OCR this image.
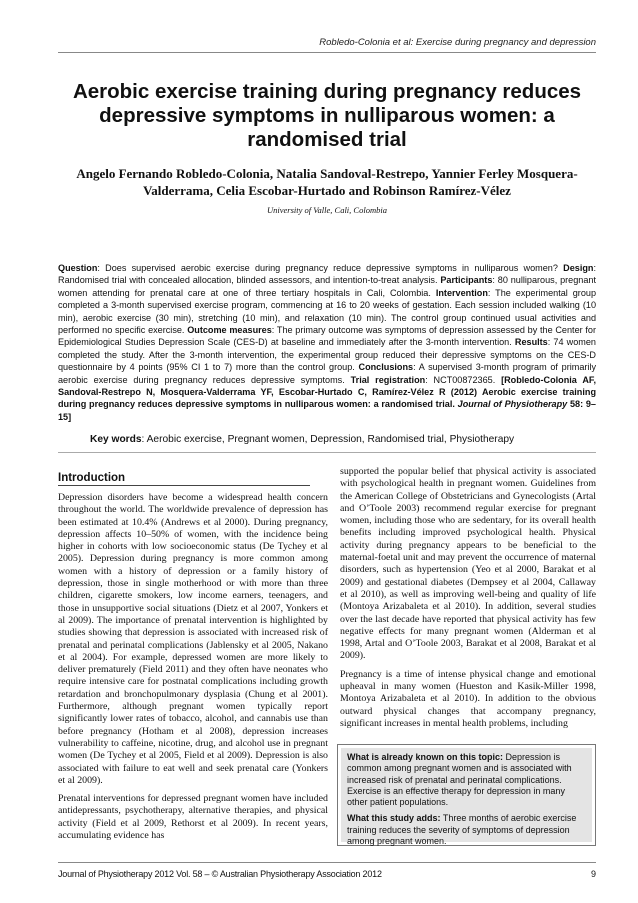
Robledo-Colonia et al: Exercise during pregnancy and depression
Aerobic exercise training during pregnancy reduces depressive symptoms in nulliparous women: a randomised trial
Angelo Fernando Robledo-Colonia, Natalia Sandoval-Restrepo, Yannier Ferley Mosquera-Valderrama, Celia Escobar-Hurtado and Robinson Ramírez-Vélez
University of Valle, Cali, Colombia
Question: Does supervised aerobic exercise during pregnancy reduce depressive symptoms in nulliparous women? Design: Randomised trial with concealed allocation, blinded assessors, and intention-to-treat analysis. Participants: 80 nulliparous, pregnant women attending for prenatal care at one of three tertiary hospitals in Cali, Colombia. Intervention: The experimental group completed a 3-month supervised exercise program, commencing at 16 to 20 weeks of gestation. Each session included walking (10 min), aerobic exercise (30 min), stretching (10 min), and relaxation (10 min). The control group continued usual activities and performed no specific exercise. Outcome measures: The primary outcome was symptoms of depression assessed by the Center for Epidemiological Studies Depression Scale (CES-D) at baseline and immediately after the 3-month intervention. Results: 74 women completed the study. After the 3-month intervention, the experimental group reduced their depressive symptoms on the CES-D questionnaire by 4 points (95% CI 1 to 7) more than the control group. Conclusions: A supervised 3-month program of primarily aerobic exercise during pregnancy reduces depressive symptoms. Trial registration: NCT00872365. [Robledo-Colonia AF, Sandoval-Restrepo N, Mosquera-Valderrama YF, Escobar-Hurtado C, Ramírez-Vélez R (2012) Aerobic exercise training during pregnancy reduces depressive symptoms in nulliparous women: a randomised trial. Journal of Physiotherapy 58: 9–15]
Key words: Aerobic exercise, Pregnant women, Depression, Randomised trial, Physiotherapy
Introduction

Depression disorders have become a widespread health concern throughout the world. The worldwide prevalence of depression has been estimated at 10.4% (Andrews et al 2000). During pregnancy, depression affects 10–50% of women, with the incidence being higher in cohorts with low socioeconomic status (De Tychey et al 2005). Depression during pregnancy is more common among women with a history of depression or a family history of depression, those in single motherhood or with more than three children, cigarette smokers, low income earners, teenagers, and those in unsupportive social situations (Dietz et al 2007, Yonkers et al 2009). The importance of prenatal intervention is highlighted by studies showing that depression is associated with increased risk of prenatal and perinatal complications (Jablensky et al 2005, Nakano et al 2004). For example, depressed women are more likely to deliver prematurely (Field 2011) and they often have neonates who require intensive care for postnatal complications including growth retardation and bronchopulmonary dysplasia (Chung et al 2001). Furthermore, although pregnant women typically report significantly lower rates of tobacco, alcohol, and cannabis use than before pregnancy (Hotham et al 2008), depression increases vulnerability to caffeine, nicotine, drug, and alcohol use in pregnant women (De Tychey et al 2005, Field et al 2009). Depression is also associated with failure to eat well and seek prenatal care (Yonkers et al 2009).

Prenatal interventions for depressed pregnant women have included antidepressants, psychotherapy, alternative therapies, and physical activity (Field et al 2009, Rethorst et al 2009). In recent years, accumulating evidence has

supported the popular belief that physical activity is associated with psychological health in pregnant women. Guidelines from the American College of Obstetricians and Gynecologists (Artal and O’Toole 2003) recommend regular exercise for pregnant women, including those who are sedentary, for its overall health benefits including improved psychological health. Physical activity during pregnancy appears to be beneficial to the maternal-foetal unit and may prevent the occurrence of maternal disorders, such as hypertension (Yeo et al 2000, Barakat et al 2009) and gestational diabetes (Dempsey et al 2004, Callaway et al 2010), as well as improving well-being and quality of life (Montoya Arizabaleta et al 2010). In addition, several studies over the last decade have reported that physical activity has few negative effects for many pregnant women (Alderman et al 1998, Artal and O’Toole 2003, Barakat et al 2008, Barakat et al 2009).

Pregnancy is a time of intense physical change and emotional upheaval in many women (Hueston and Kasik-Miller 1998, Montoya Arizabaleta et al 2010). In addition to the obvious outward physical changes that accompany pregnancy, significant increases in mental health problems, including

What is already known on this topic: Depression is common among pregnant women and is associated with increased risk of prenatal and perinatal complications. Exercise is an effective therapy for depression in many other patient populations.

What this study adds: Three months of aerobic exercise training reduces the severity of symptoms of depression among pregnant women.

Journal of Physiotherapy 2012 Vol. 58 – © Australian Physiotherapy Association 2012	9
